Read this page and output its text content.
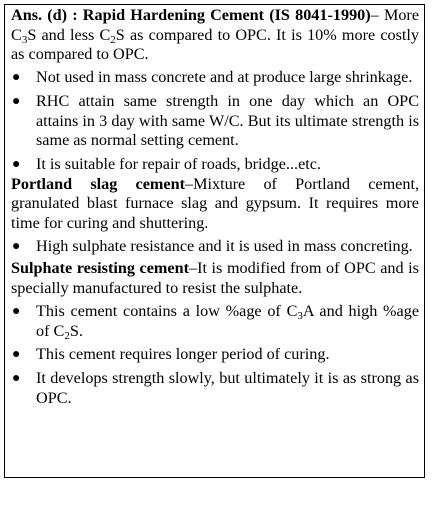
Ans. (d) : Rapid Hardening Cement (IS 8041-1990)– More $C_3S$ and less $C_2S$ as compared to OPC. It is 10% more costly as compared to OPC.

● Not used in mass concrete and at produce large shrinkage.
● RHC attain same strength in one day which an OPC attains in 3 day with same W/C. But its ultimate strength is same as normal setting cement.
● It is suitable for repair of roads, bridge...etc.

Portland slag cement–Mixture of Portland cement, granulated blast furnace slag and gypsum. It requires more time for curing and shuttering.

● High sulphate resistance and it is used in mass concreting.

Sulphate resisting cement–It is modified from of OPC and is specially manufactured to resist the sulphate.

● This cement contains a low %age of $C_3A$ and high %age of $C_2S$.
● This cement requires longer period of curing.
● It develops strength slowly, but ultimately it is as strong as OPC.
